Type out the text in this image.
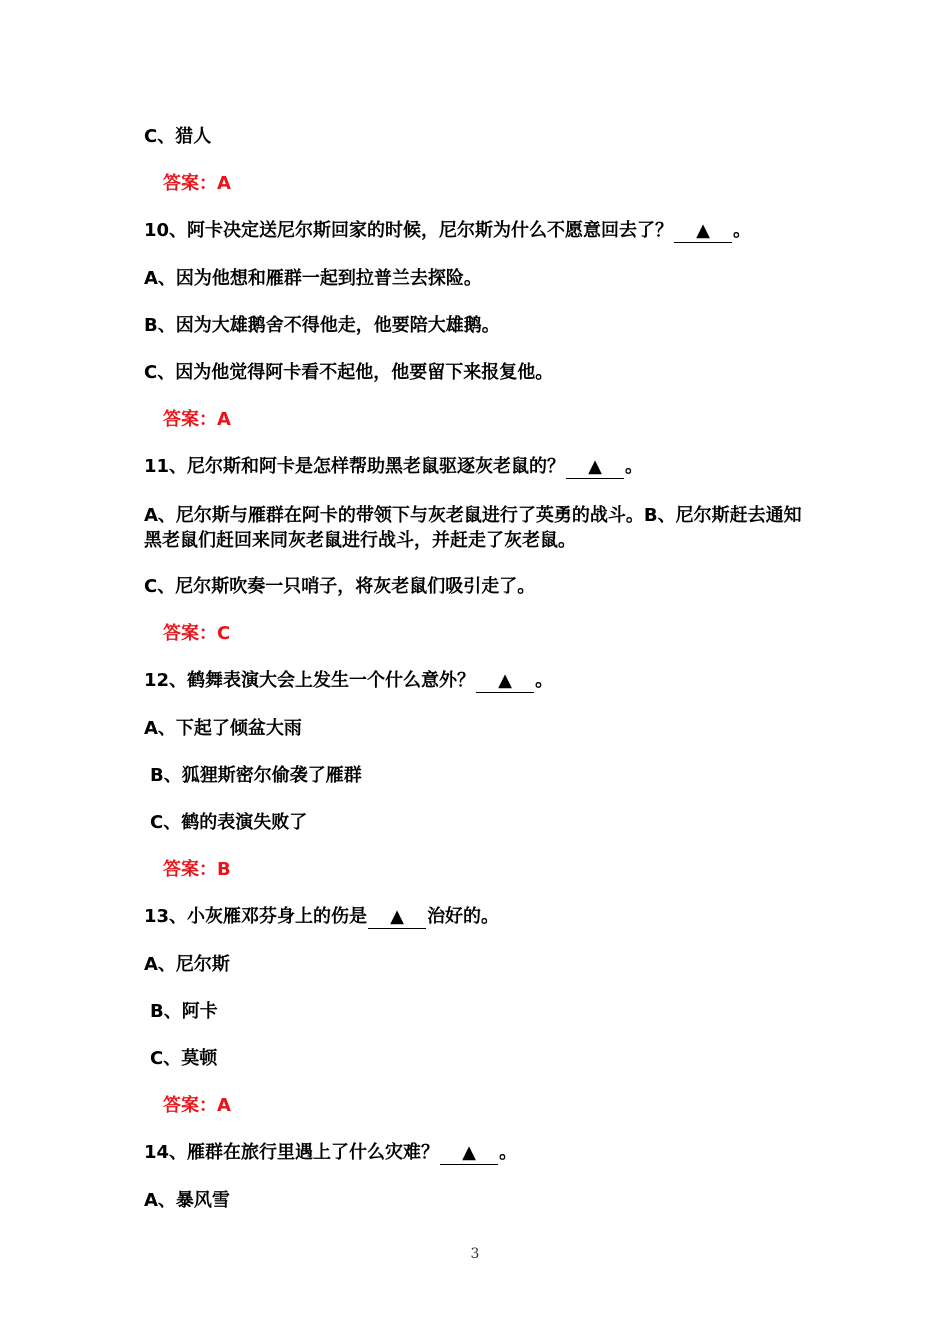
C、猎人
答案：A
10、阿卡决定送尼尔斯回家的时候，尼尔斯为什么不愿意回去了？ ▲ 。
A、因为他想和雁群一起到拉普兰去探险。
B、因为大雄鹅舍不得他走，他要陪大雄鹅。
C、因为他觉得阿卡看不起他，他要留下来报复他。
答案：A
11、尼尔斯和阿卡是怎样帮助黑老鼠驱逐灰老鼠的？ ▲ 。
A、尼尔斯与雁群在阿卡的带领下与灰老鼠进行了英勇的战斗。B、尼尔斯赶去通知黑老鼠们赶回来同灰老鼠进行战斗，并赶走了灰老鼠。
C、尼尔斯吹奏一只哨子，将灰老鼠们吸引走了。
答案：C
12、鹤舞表演大会上发生一个什么意外？ ▲ 。
A、下起了倾盆大雨
B、狐狸斯密尔偷袭了雁群
C、鹤的表演失败了
答案：B
13、小灰雁邓芬身上的伤是 ▲ 治好的。
A、尼尔斯
B、阿卡
C、莫顿
答案：A
14、雁群在旅行里遇上了什么灾难？ ▲ 。
A、暴风雪
3
